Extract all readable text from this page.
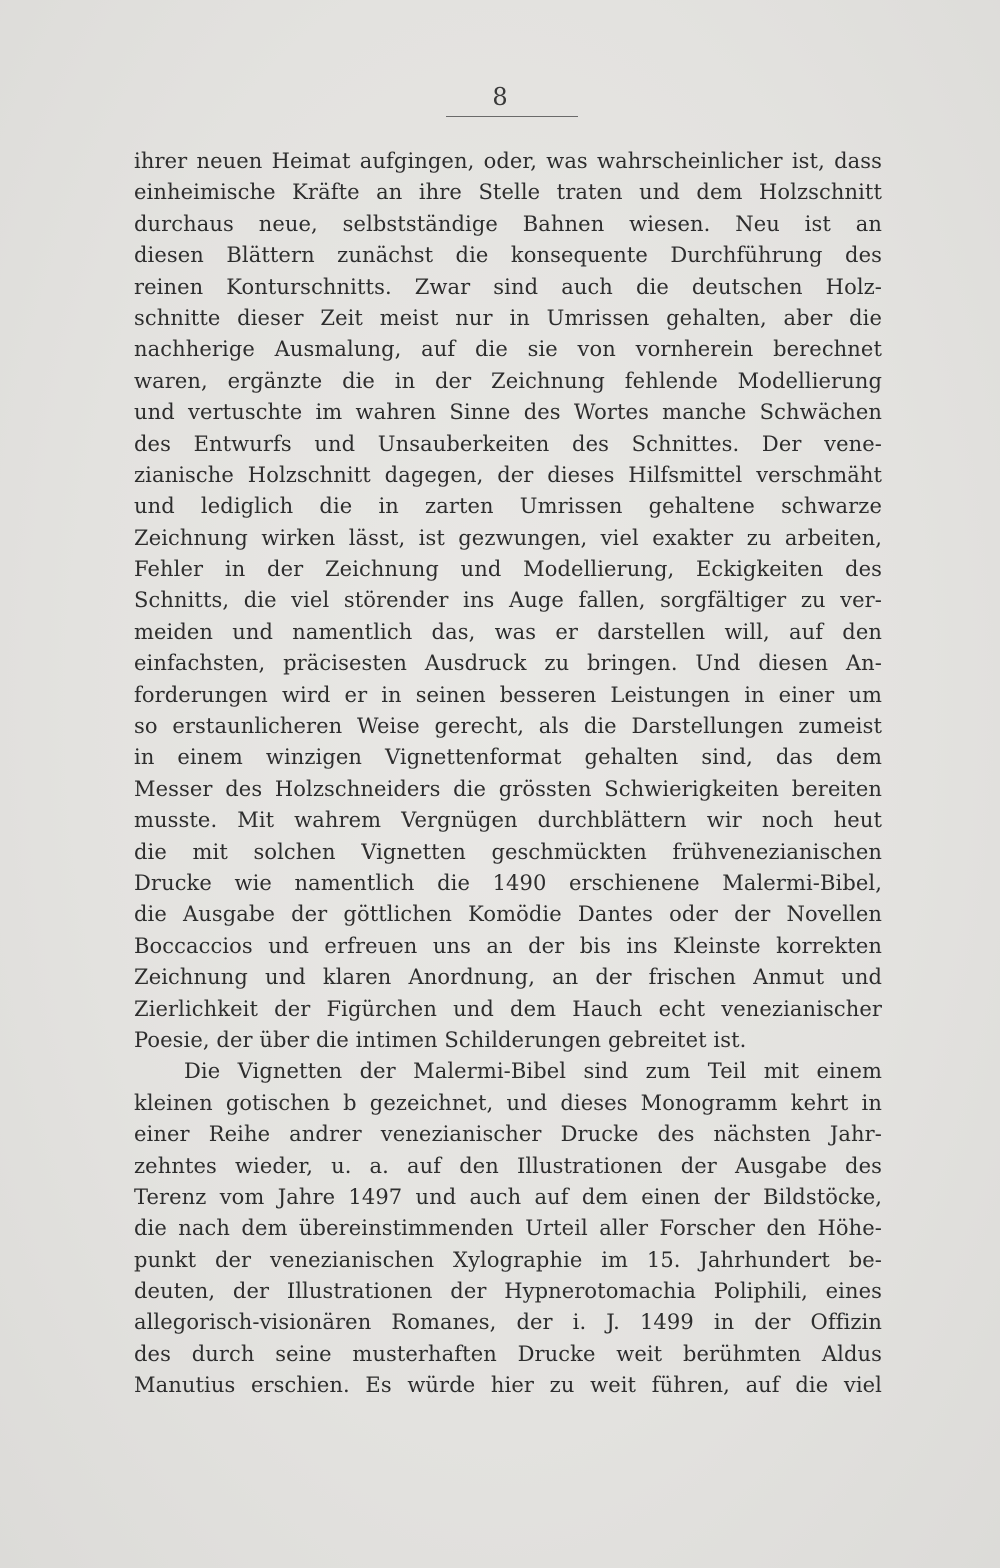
8
ihrer neuen Heimat aufgingen, oder, was wahrscheinlicher ist, dass
einheimische Kräfte an ihre Stelle traten und dem Holzschnitt
durchaus neue, selbstständige Bahnen wiesen. Neu ist an
diesen Blättern zunächst die konsequente Durchführung des
reinen Konturschnitts. Zwar sind auch die deutschen Holz-
schnitte dieser Zeit meist nur in Umrissen gehalten, aber die
nachherige Ausmalung, auf die sie von vornherein berechnet
waren, ergänzte die in der Zeichnung fehlende Modellierung
und vertuschte im wahren Sinne des Wortes manche Schwächen
des Entwurfs und Unsauberkeiten des Schnittes. Der vene-
zianische Holzschnitt dagegen, der dieses Hilfsmittel verschmäht
und lediglich die in zarten Umrissen gehaltene schwarze
Zeichnung wirken lässt, ist gezwungen, viel exakter zu arbeiten,
Fehler in der Zeichnung und Modellierung, Eckigkeiten des
Schnitts, die viel störender ins Auge fallen, sorgfältiger zu ver-
meiden und namentlich das, was er darstellen will, auf den
einfachsten, präcisesten Ausdruck zu bringen. Und diesen An-
forderungen wird er in seinen besseren Leistungen in einer um
so erstaunlicheren Weise gerecht, als die Darstellungen zumeist
in einem winzigen Vignettenformat gehalten sind, das dem
Messer des Holzschneiders die grössten Schwierigkeiten bereiten
musste. Mit wahrem Vergnügen durchblättern wir noch heut
die mit solchen Vignetten geschmückten frühvenezianischen
Drucke wie namentlich die 1490 erschienene Malermi-Bibel,
die Ausgabe der göttlichen Komödie Dantes oder der Novellen
Boccaccios und erfreuen uns an der bis ins Kleinste korrekten
Zeichnung und klaren Anordnung, an der frischen Anmut und
Zierlichkeit der Figürchen und dem Hauch echt venezianischer
Poesie, der über die intimen Schilderungen gebreitet ist.
Die Vignetten der Malermi-Bibel sind zum Teil mit einem
kleinen gotischen b gezeichnet, und dieses Monogramm kehrt in
einer Reihe andrer venezianischer Drucke des nächsten Jahr-
zehntes wieder, u. a. auf den Illustrationen der Ausgabe des
Terenz vom Jahre 1497 und auch auf dem einen der Bildstöcke,
die nach dem übereinstimmenden Urteil aller Forscher den Höhe-
punkt der venezianischen Xylographie im 15. Jahrhundert be-
deuten, der Illustrationen der Hypnerotomachia Poliphili, eines
allegorisch-visionären Romanes, der i. J. 1499 in der Offizin
des durch seine musterhaften Drucke weit berühmten Aldus
Manutius erschien. Es würde hier zu weit führen, auf die viel
